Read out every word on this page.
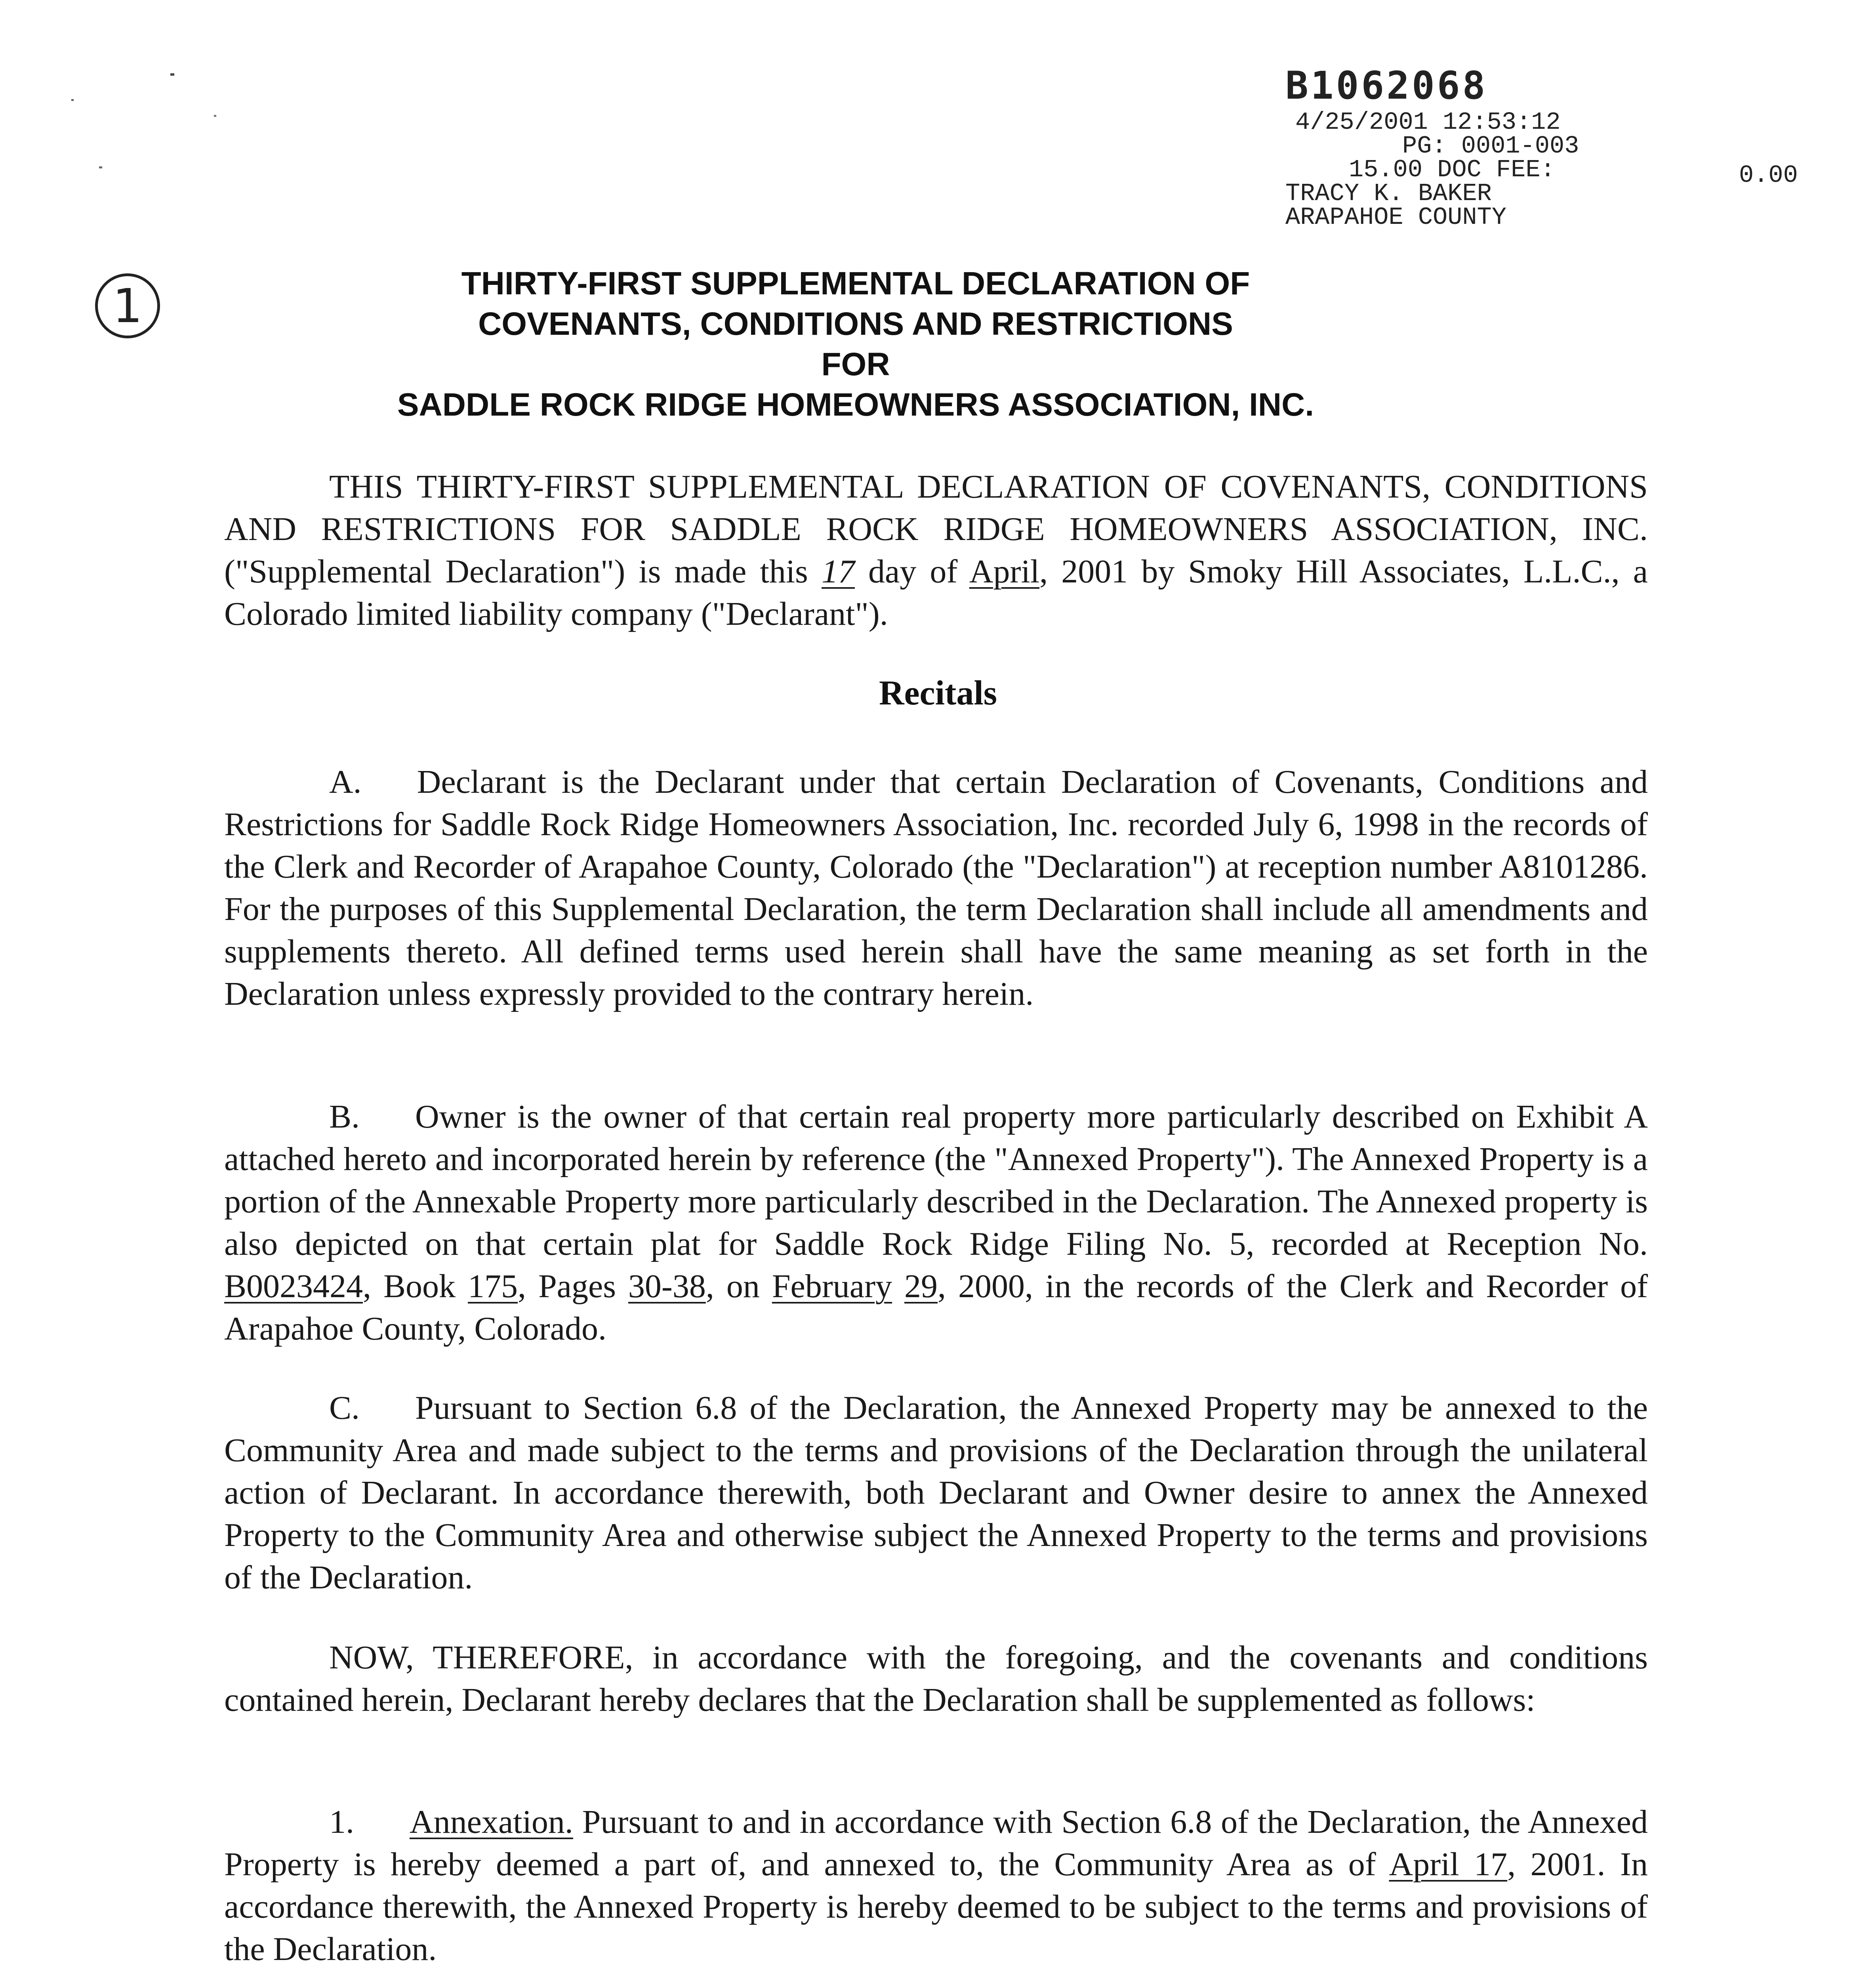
B1062068
4/25/2001 12:53:12
PG: 0001-003
15.00 DOC FEE:	0.00
TRACY K. BAKER
ARAPAHOE COUNTY
1	THIRTY-FIRST SUPPLEMENTAL DECLARATION OF
COVENANTS, CONDITIONS AND RESTRICTIONS
FOR
SADDLE ROCK RIDGE HOMEOWNERS ASSOCIATION, INC.
THIS THIRTY-FIRST SUPPLEMENTAL DECLARATION OF COVENANTS, CONDITIONS AND RESTRICTIONS FOR SADDLE ROCK RIDGE HOMEOWNERS ASSOCIATION, INC. ("Supplemental Declaration") is made this 17 day of April, 2001 by Smoky Hill Associates, L.L.C., a Colorado limited liability company ("Declarant").
Recitals
A. Declarant is the Declarant under that certain Declaration of Covenants, Conditions and Restrictions for Saddle Rock Ridge Homeowners Association, Inc. recorded July 6, 1998 in the records of the Clerk and Recorder of Arapahoe County, Colorado (the "Declaration") at reception number A8101286. For the purposes of this Supplemental Declaration, the term Declaration shall include all amendments and supplements thereto. All defined terms used herein shall have the same meaning as set forth in the Declaration unless expressly provided to the contrary herein.
B. Owner is the owner of that certain real property more particularly described on Exhibit A attached hereto and incorporated herein by reference (the "Annexed Property"). The Annexed Property is a portion of the Annexable Property more particularly described in the Declaration. The Annexed property is also depicted on that certain plat for Saddle Rock Ridge Filing No. 5, recorded at Reception No. B0023424, Book 175, Pages 30-38, on February 29, 2000, in the records of the Clerk and Recorder of Arapahoe County, Colorado.
C. Pursuant to Section 6.8 of the Declaration, the Annexed Property may be annexed to the Community Area and made subject to the terms and provisions of the Declaration through the unilateral action of Declarant. In accordance therewith, both Declarant and Owner desire to annex the Annexed Property to the Community Area and otherwise subject the Annexed Property to the terms and provisions of the Declaration.
NOW, THEREFORE, in accordance with the foregoing, and the covenants and conditions contained herein, Declarant hereby declares that the Declaration shall be supplemented as follows:
1. Annexation. Pursuant to and in accordance with Section 6.8 of the Declaration, the Annexed Property is hereby deemed a part of, and annexed to, the Community Area as of April 17, 2001. In accordance therewith, the Annexed Property is hereby deemed to be subject to the terms and provisions of the Declaration.
